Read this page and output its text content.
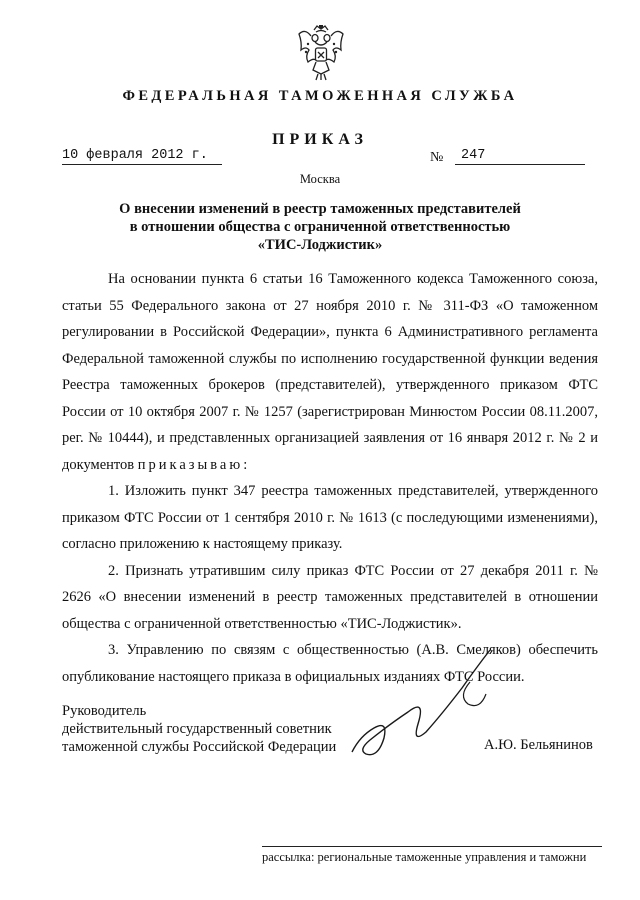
ФЕДЕРАЛЬНАЯ ТАМОЖЕННАЯ СЛУЖБА
ПРИКАЗ
10 февраля 2012 г.	№	247
Москва
О внесении изменений в реестр таможенных представителей
в отношении общества с ограниченной ответственностью
«ТИС-Лоджистик»

На основании пункта 6 статьи 16 Таможенного кодекса Таможенного союза, статьи 55 Федерального закона от 27 ноября 2010 г. № 311-ФЗ «О таможенном регулировании в Российской Федерации», пункта 6 Административного регламента Федеральной таможенной службы по исполнению государственной функции ведения Реестра таможенных брокеров (представителей), утвержденного приказом ФТС России от 10 октября 2007 г. № 1257 (зарегистрирован Минюстом России 08.11.2007, рег. № 10444), и представленных организацией заявления от 16 января 2012 г. № 2 и документов приказываю:

1. Изложить пункт 347 реестра таможенных представителей, утвержденного приказом ФТС России от 1 сентября 2010 г. № 1613 (с последующими изменениями), согласно приложению к настоящему приказу.

2. Признать утратившим силу приказ ФТС России от 27 декабря 2011 г. № 2626 «О внесении изменений в реестр таможенных представителей в отношении общества с ограниченной ответственностью «ТИС-Лоджистик».

3. Управлению по связям с общественностью (А.В. Смеляков) обеспечить опубликование настоящего приказа в официальных изданиях ФТС России.

Руководитель
действительный государственный советник
таможенной службы Российской Федерации	А.Ю. Бельянинов
рассылка: региональные таможенные управления и таможни
